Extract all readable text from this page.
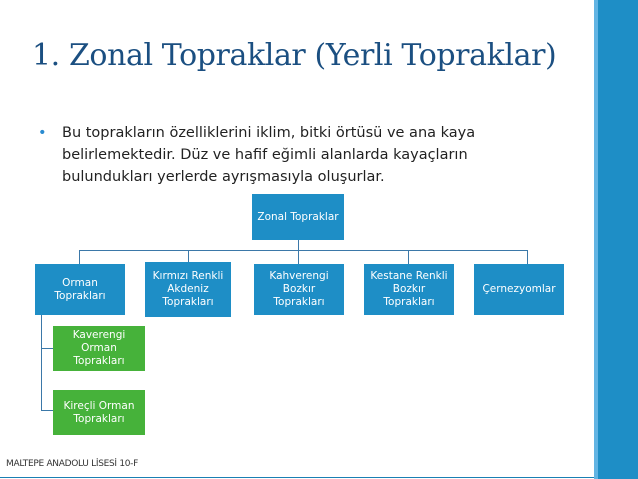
1. Zonal Topraklar (Yerli Topraklar)
• Bu toprakların özelliklerini iklim, bitki örtüsü ve ana kaya belirlemektedir. Düz ve hafif eğimli alanlarda kayaçların bulundukları yerlerde ayrışmasıyla oluşurlar.
Zonal Topraklar
Orman Toprakları
Kırmızı Renkli Akdeniz Toprakları
Kahverengi Bozkır Toprakları
Kestane Renkli Bozkır Toprakları
Çernezyomlar
Kaverengi Orman Toprakları
Kireçli Orman Toprakları
MALTEPE ANADOLU LİSESİ 10-F
